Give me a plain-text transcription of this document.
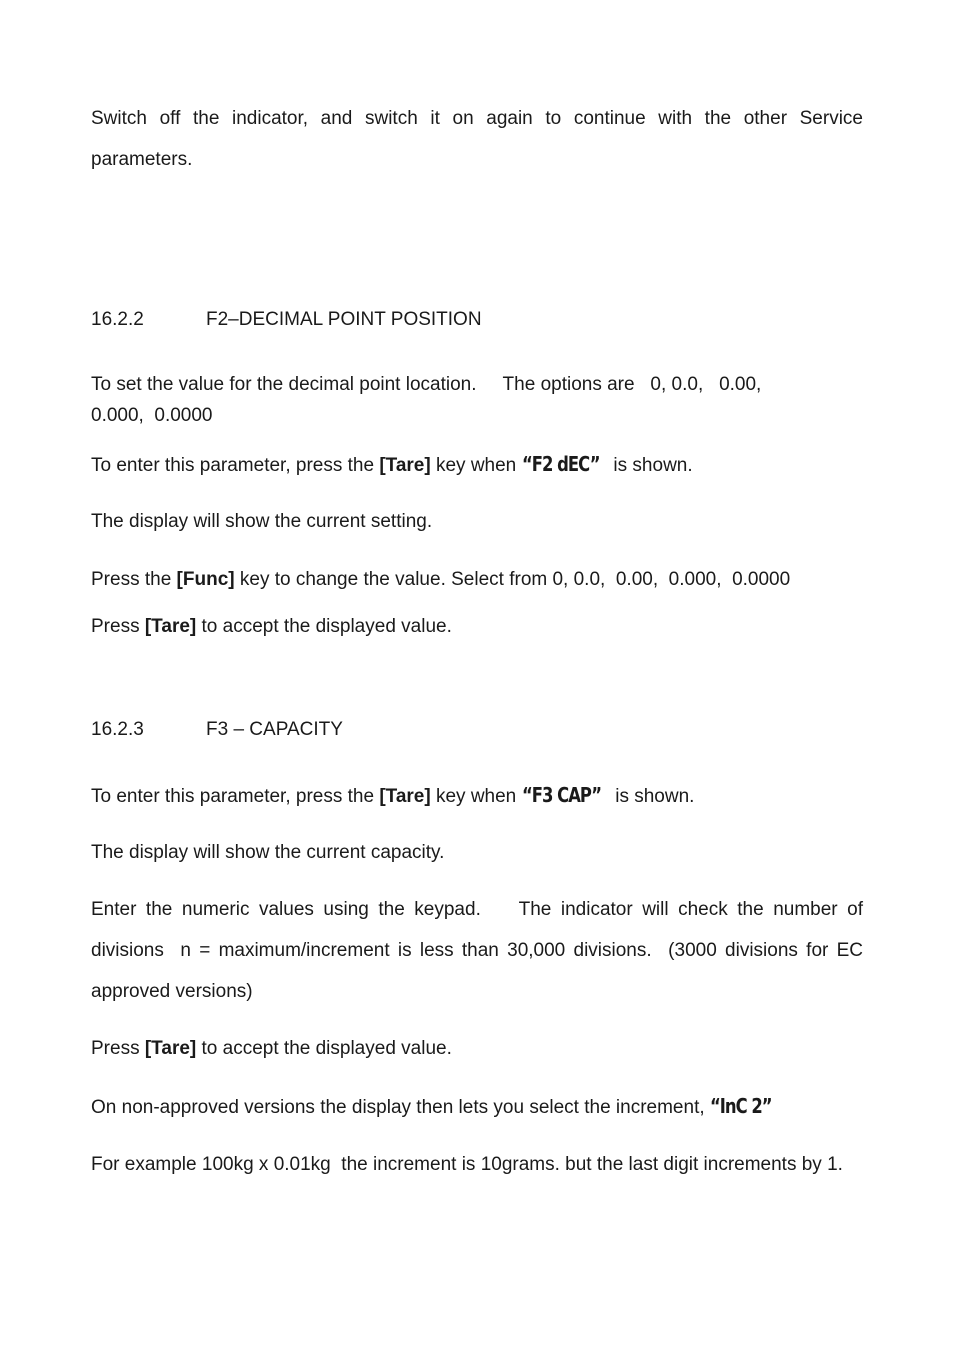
Switch off the indicator, and switch it on again to continue with the other Service parameters.

16.2.2	F2–DECIMAL POINT POSITION
To set the value for the decimal point location.     The options are   0, 0.0,   0.00,
0.000,  0.0000

To enter this parameter, press the [Tare] key when “F2 dEC” is shown.

The display will show the current setting.

Press the [Func] key to change the value. Select from 0, 0.0,  0.00,  0.000,  0.0000

Press [Tare] to accept the displayed value.

16.2.3	F3 – CAPACITY

To enter this parameter, press the [Tare] key when “F3 CAP” is shown.

The display will show the current capacity.

Enter the numeric values using the keypad.    The indicator will check the number of divisions  n = maximum/increment is less than 30,000 divisions.  (3000 divisions for EC approved versions)

Press [Tare] to accept the displayed value.

On non-approved versions the display then lets you select the increment, “InC 2”

For example 100kg x 0.01kg  the increment is 10grams. but the last digit increments by 1.
